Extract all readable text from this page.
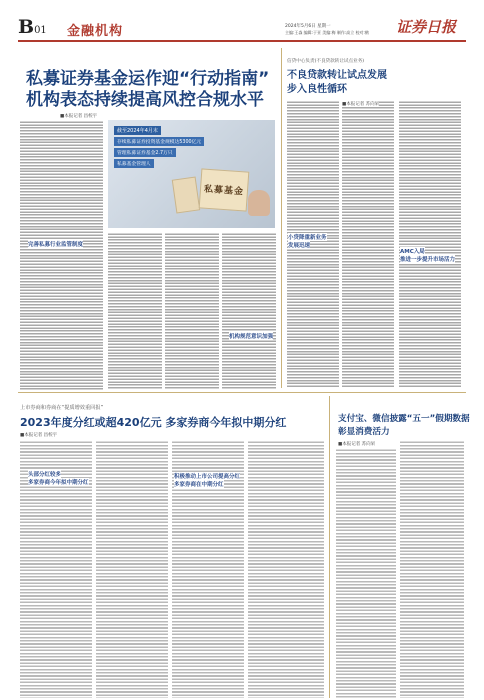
B01 金融机构	2024年5月6日 星期一
主编:王淼 编辑:于亚 美编:梅 制作:高立 校对:鹤 证券日报
私募证券基金运作迎“行动指南”
机构表态持续提高风控合规水平
■本报记者 昌校宇
完善私募行业监管制度
截至2024年4月末
存续私募证券投资基金规模达5300亿元
管理私募证券基金2.7万只
私募基金管理人
私募基金
机构规范意识加强
信贷中心负责(不良贷款转让试点业务)
不良贷款转让试点发展
步入良性循环
■本报记者 苏向杲
小贷降重新业务
发展迅速
AMC入局
推进一步提升市场活力
上市券商和券商在“提质增效重回报”
2023年度分红或超420亿元 多家券商今年拟中期分红
■本报记者 昌校宇
头部分红较多
多家券商今年拟中期分红
积极推动上市公司提高分红
多家券商在中期分红
支付宝、微信披露“五一”假期数据
彰显消费活力
■本报记者 苏向杲
